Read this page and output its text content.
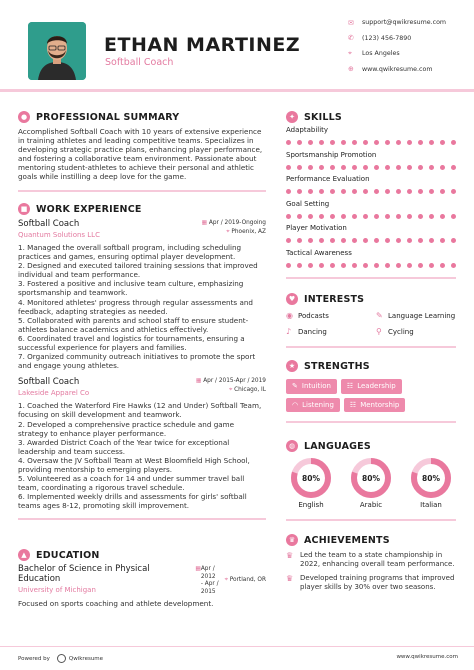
ETHAN MARTINEZ
Softball Coach
✉	support@qwikresume.com
✆	(123) 456-7890
⌖	Los Angeles
⊕	www.qwikresume.com
● PROFESSIONAL SUMMARY
Accomplished Softball Coach with 10 years of extensive experience in training athletes and leading competitive teams. Specializes in developing strategic practice plans, enhancing player performance, and fostering a collaborative team environment. Passionate about mentoring student-athletes to achieve their personal and athletic goals while instilling a deep love for the game.
■ WORK EXPERIENCE
Softball Coach
Quantum Solutions LLC
▦ Apr / 2019-Ongoing
⌖ Phoenix, AZ
1. Managed the overall softball program, including scheduling practices and games, ensuring optimal player development.
2. Designed and executed tailored training sessions that improved individual and team performance.
3. Fostered a positive and inclusive team culture, emphasizing sportsmanship and teamwork.
4. Monitored athletes' progress through regular assessments and feedback, adapting strategies as needed.
5. Collaborated with parents and school staff to ensure student-athletes balance academics and athletics effectively.
6. Coordinated travel and logistics for tournaments, ensuring a successful experience for players and families.
7. Organized community outreach initiatives to promote the sport and engage young athletes.
Softball Coach
Lakeside Apparel Co
▦ Apr / 2015-Apr / 2019
⌖ Chicago, IL
1. Coached the Waterford Fire Hawks (12 and Under) Softball Team, focusing on skill development and teamwork.
2. Developed a comprehensive practice schedule and game strategy to enhance player performance.
3. Awarded District Coach of the Year twice for exceptional leadership and team success.
4. Oversaw the JV Softball Team at West Bloomfield High School, providing mentorship to emerging players.
5. Volunteered as a coach for 14 and under summer travel ball team, coordinating a rigorous travel schedule.
6. Implemented weekly drills and assessments for girls' softball teams ages 8-12, promoting skill improvement.
▲ EDUCATION
Bachelor of Science in Physical
Education
University of Michigan
▦ Apr /
2012
- Apr /
2015
⌖ Portland, OR
Focused on sports coaching and athlete development.
✦ SKILLS
Adaptability
Sportsmanship Promotion
Performance Evaluation
Goal Setting
Player Motivation
Tactical Awareness
♥ INTERESTS
◉ Podcasts	✎ Language Learning
♪ Dancing	⚲ Cycling
★ STRENGTHS
✎ Intuition ☷ Leadership
◠ Listening ☷ Mentorship
◍ LANGUAGES
80%
English
80%
Arabic
80%
Italian
♛ ACHIEVEMENTS
♛ Led the team to a state championship in 2022, enhancing overall team performance.
♛ Developed training programs that improved player skills by 30% over two seasons.
Powered by	Qwikresume	www.qwikresume.com
